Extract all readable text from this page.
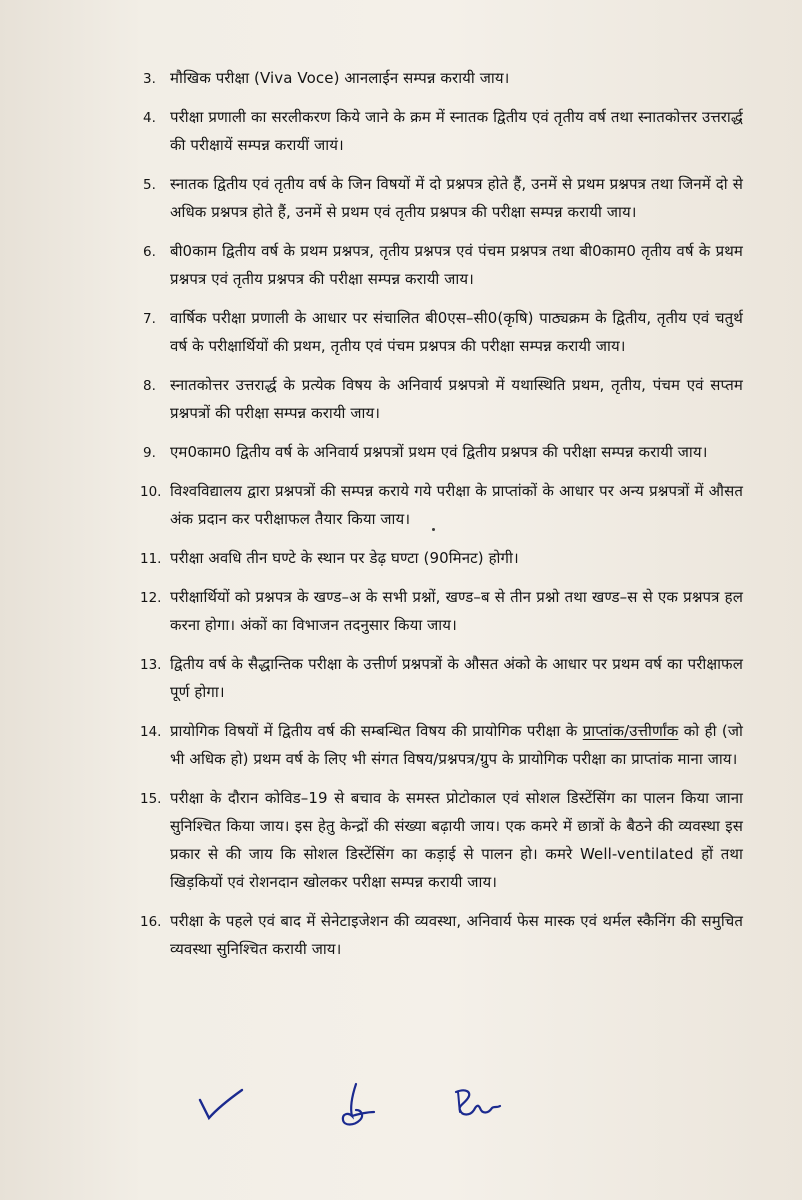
3. मौखिक परीक्षा (Viva Voce) आनलाईन सम्पन्न करायी जाय।
4. परीक्षा प्रणाली का सरलीकरण किये जाने के क्रम में स्नातक द्वितीय एवं तृतीय वर्ष तथा स्नातकोत्तर उत्तरार्द्ध की परीक्षायें सम्पन्न करायीं जायं।
5. स्नातक द्वितीय एवं तृतीय वर्ष के जिन विषयों में दो प्रश्नपत्र होते हैं, उनमें से प्रथम प्रश्नपत्र तथा जिनमें दो से अधिक प्रश्नपत्र होते हैं, उनमें से प्रथम एवं तृतीय प्रश्नपत्र की परीक्षा सम्पन्न करायी जाय।
6. बी0काम द्वितीय वर्ष के प्रथम प्रश्नपत्र, तृतीय प्रश्नपत्र एवं पंचम प्रश्नपत्र तथा बी0काम0 तृतीय वर्ष के प्रथम प्रश्नपत्र एवं तृतीय प्रश्नपत्र की परीक्षा सम्पन्न करायी जाय।
7. वार्षिक परीक्षा प्रणाली के आधार पर संचालित बी0एस–सी0(कृषि) पाठ्यक्रम के द्वितीय, तृतीय एवं चतुर्थ वर्ष के परीक्षार्थियों की प्रथम, तृतीय एवं पंचम प्रश्नपत्र की परीक्षा सम्पन्न करायी जाय।
8. स्नातकोत्तर उत्तरार्द्ध के प्रत्येक विषय के अनिवार्य प्रश्नपत्रो में यथास्थिति प्रथम, तृतीय, पंचम एवं सप्तम प्रश्नपत्रों की परीक्षा सम्पन्न करायी जाय।
9. एम0काम0 द्वितीय वर्ष के अनिवार्य प्रश्नपत्रों प्रथम एवं द्वितीय प्रश्नपत्र की परीक्षा सम्पन्न करायी जाय।
10. विश्वविद्यालय द्वारा प्रश्नपत्रों की सम्पन्न कराये गये परीक्षा के प्राप्तांकों के आधार पर अन्य प्रश्नपत्रों में औसत अंक प्रदान कर परीक्षाफल तैयार किया जाय।
11. परीक्षा अवधि तीन घण्टे के स्थान पर डेढ़ घण्टा (90मिनट) होगी।
12. परीक्षार्थियों को प्रश्नपत्र के खण्ड–अ के सभी प्रश्नों, खण्ड–ब से तीन प्रश्नो तथा खण्ड–स से एक प्रश्नपत्र हल करना होगा। अंकों का विभाजन तदनुसार किया जाय।
13. द्वितीय वर्ष के सैद्धान्तिक परीक्षा के उत्तीर्ण प्रश्नपत्रों के औसत अंको के आधार पर प्रथम वर्ष का परीक्षाफल पूर्ण होगा।
14. प्रायोगिक विषयों में द्वितीय वर्ष की सम्बन्धित विषय की प्रायोगिक परीक्षा के प्राप्तांक/उत्तीर्णांक को ही (जो भी अधिक हो) प्रथम वर्ष के लिए भी संगत विषय/प्रश्नपत्र/ग्रुप के प्रायोगिक परीक्षा का प्राप्तांक माना जाय।
15. परीक्षा के दौरान कोविड–19 से बचाव के समस्त प्रोटोकाल एवं सोशल डिस्टेंसिंग का पालन किया जाना सुनिश्चित किया जाय। इस हेतु केन्द्रों की संख्या बढ़ायी जाय। एक कमरे में छात्रों के बैठने की व्यवस्था इस प्रकार से की जाय कि सोशल डिस्टेंसिंग का कड़ाई से पालन हो। कमरे Well-ventilated हों तथा खिड़कियों एवं रोशनदान खोलकर परीक्षा सम्पन्न करायी जाय।
16. परीक्षा के पहले एवं बाद में सेनेटाइजेशन की व्यवस्था, अनिवार्य फेस मास्क एवं थर्मल स्कैनिंग की समुचित व्यवस्था सुनिश्चित करायी जाय।
